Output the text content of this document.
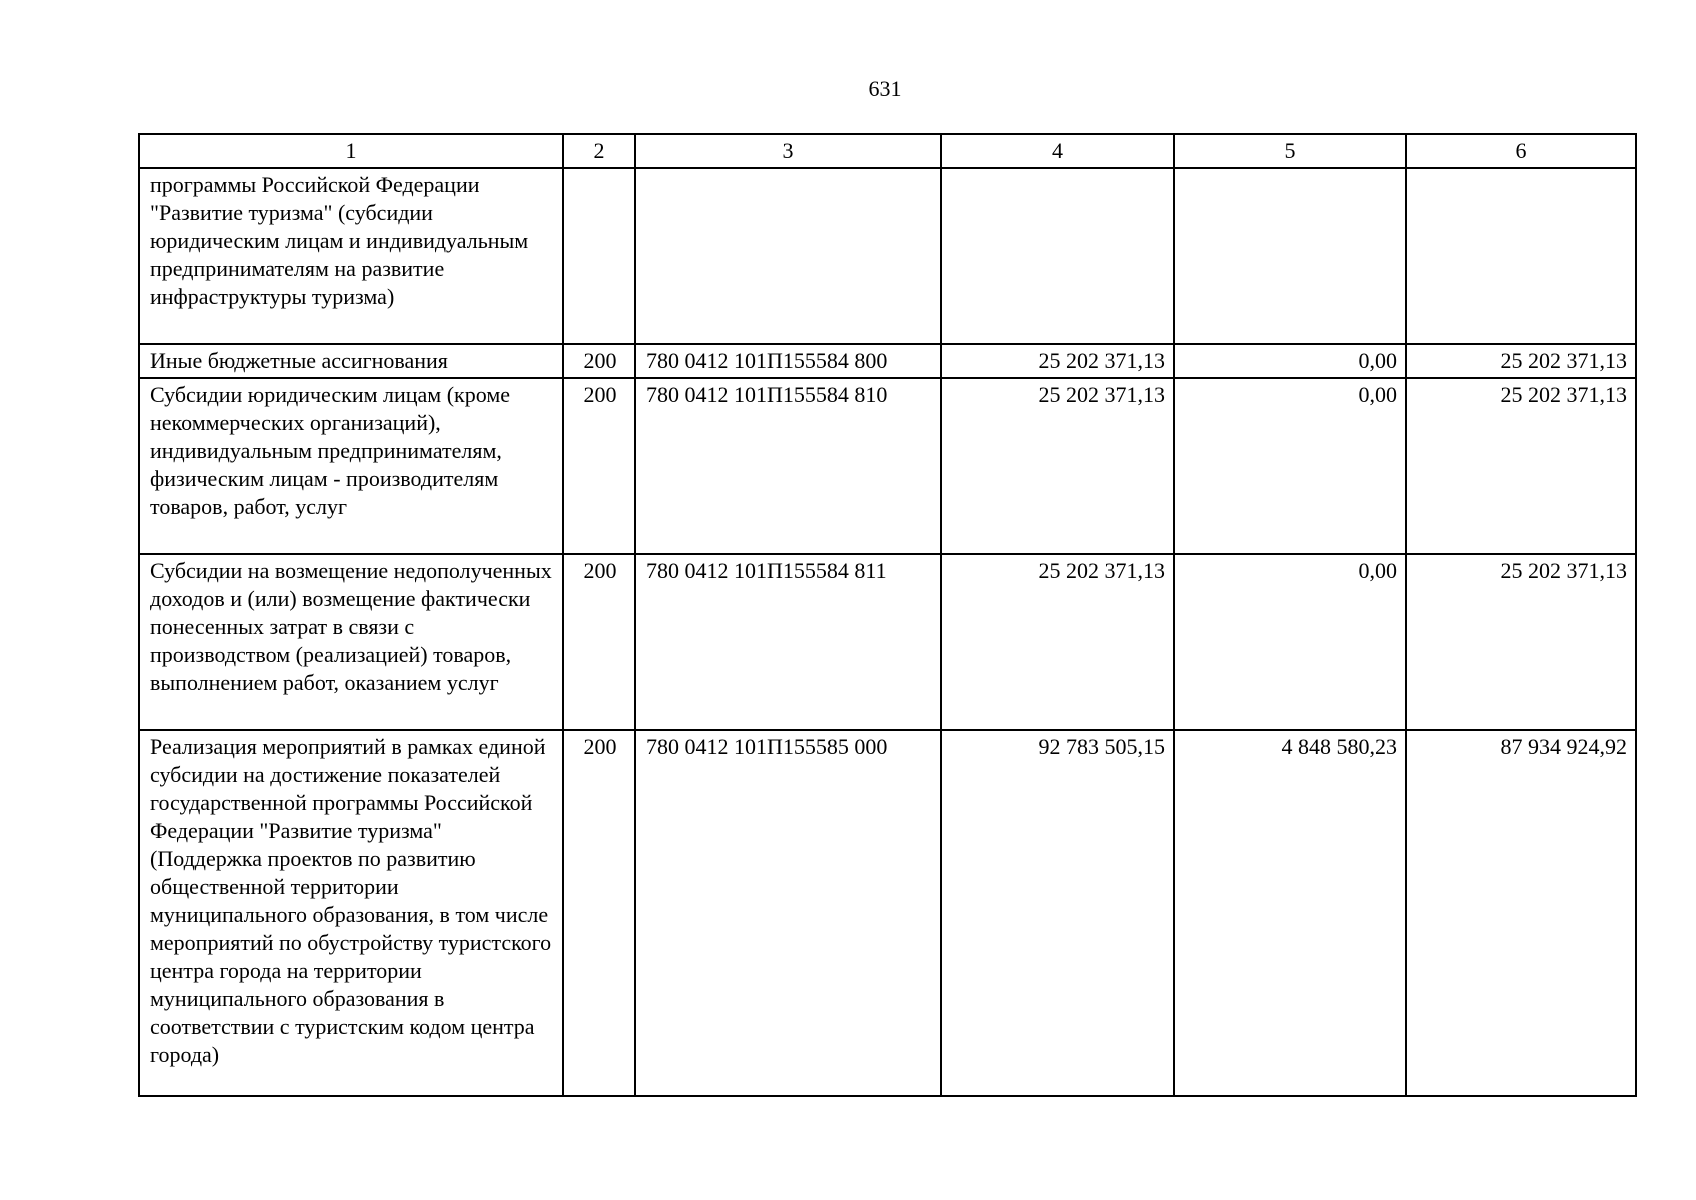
631
1	2	3	4	5	6
программы Российской Федерации "Развитие туризма" (субсидии юридическим лицам и индивидуальным предпринимателям на развитие инфраструктуры туризма)					
Иные бюджетные ассигнования	200	780 0412 101П155584 800	25 202 371,13	0,00	25 202 371,13
Субсидии юридическим лицам (кроме некоммерческих организаций), индивидуальным предпринимателям, физическим лицам - производителям товаров, работ, услуг	200	780 0412 101П155584 810	25 202 371,13	0,00	25 202 371,13
Субсидии на возмещение недополученных доходов и (или) возмещение фактически понесенных затрат в связи с производством (реализацией) товаров, выполнением работ, оказанием услуг	200	780 0412 101П155584 811	25 202 371,13	0,00	25 202 371,13
Реализация мероприятий в рамках единой субсидии на достижение показателей государственной программы Российской Федерации "Развитие туризма" (Поддержка проектов по развитию общественной территории муниципального образования, в том числе мероприятий по обустройству туристского центра города на территории муниципального образования в соответствии с туристским кодом центра города)	200	780 0412 101П155585 000	92 783 505,15	4 848 580,23	87 934 924,92
